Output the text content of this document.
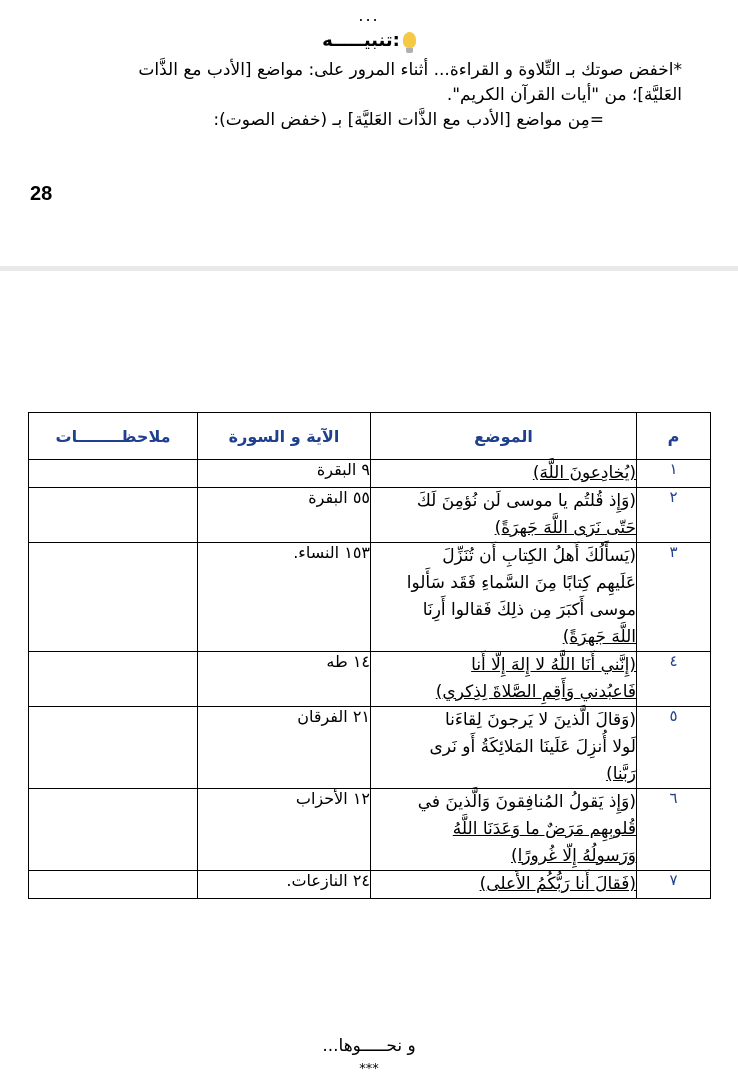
...
تنبيـــــه:
*اخفض صوتك بـ التِّلاوة و القراءة... أثناء المرور على: مواضع [الأدب مع الذَّات
العَليَّة]؛ من "أيات القرآن الكريم".
=مِن مواضع [الأدب مع الذَّات العَليَّة] بـ (خفض الصوت):
28
م	الموضع	الآية و السورة	ملاحظــــــــات
١	(يُخادِعونَ اللَّهَ)	٩ البقرة	
٢	(وَإِذ قُلتُم يا موسى لَن نُؤمِنَ لَكَ
حَتّى نَرَى اللَّهَ جَهرَةً)	٥٥ البقرة	
٣	(يَسأَلُكَ أَهلُ الكِتابِ أَن تُنَزِّلَ
عَلَيهِم كِتابًا مِنَ السَّماءِ فَقَد سَأَلوا
موسى أَكبَرَ مِن ذلِكَ فَقالوا أَرِنَا
اللَّهَ جَهرَةً)	١٥٣ النساء.	
٤	(إِنَّني أَنَا اللَّهُ لا إِلهَ إِلّا أَنا
فَاعبُدني وَأَقِمِ الصَّلاةَ لِذِكري)	١٤ طه	
٥	(وَقالَ الَّذينَ لا يَرجونَ لِقاءَنا
لَولا أُنزِلَ عَلَينَا المَلائِكَةُ أَو نَرى
رَبَّنا)	٢١ الفرقان	
٦	(وَإِذ يَقولُ المُنافِقونَ وَالَّذينَ في
قُلوبِهِم مَرَضٌ ما وَعَدَنَا اللَّهُ
وَرَسولُهُ إِلّا غُرورًا)	١٢ الأحزاب	
٧	(فَقالَ أَنا رَبُّكُمُ الأَعلى)	٢٤ النازعات.	
و نحـــــوها...
***
